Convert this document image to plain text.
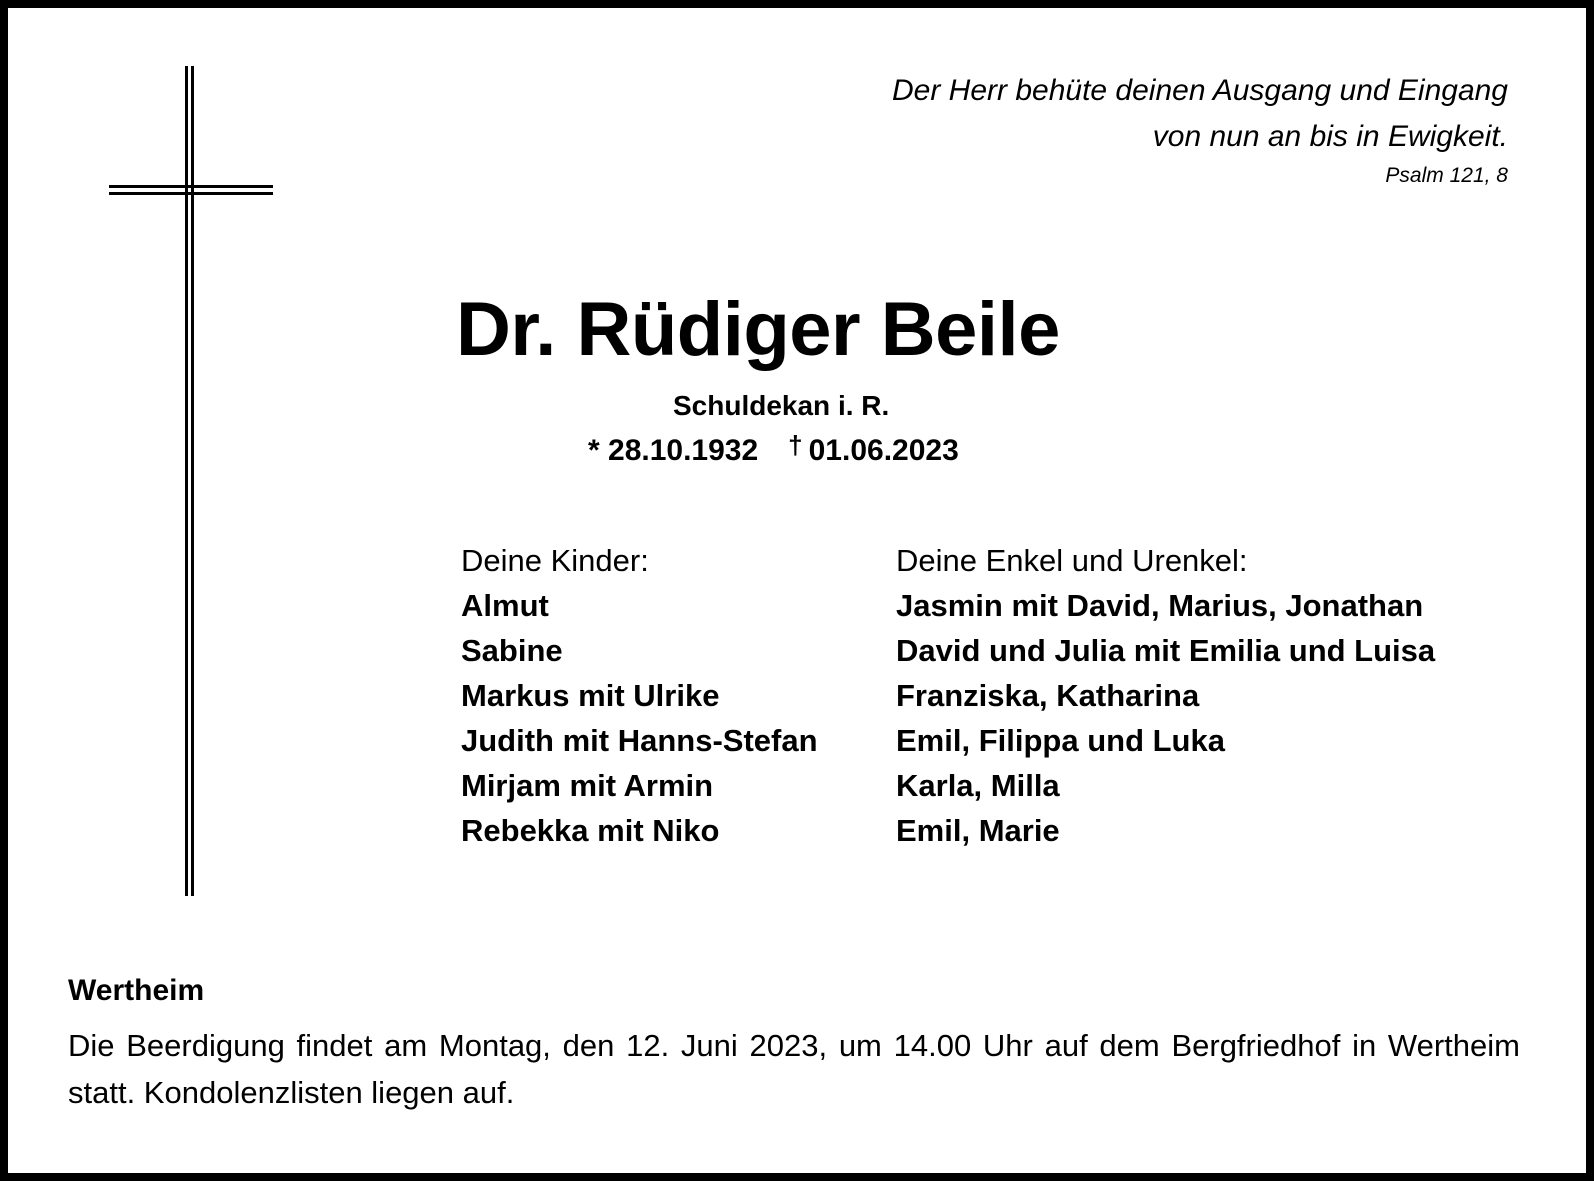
Der Herr behüte deinen Ausgang und Eingang
von nun an bis in Ewigkeit.
Psalm 121, 8
Dr. Rüdiger Beile
Schuldekan i. R.
* 28.10.1932 † 01.06.2023
Deine Kinder:
Almut
Sabine
Markus mit Ulrike
Judith mit Hanns-Stefan
Mirjam mit Armin
Rebekka mit Niko
Deine Enkel und Urenkel:
Jasmin mit David, Marius, Jonathan
David und Julia mit Emilia und Luisa
Franziska, Katharina
Emil, Filippa und Luka
Karla, Milla
Emil, Marie
Wertheim
Die Beerdigung findet am Montag, den 12. Juni 2023, um 14.00 Uhr auf dem Bergfriedhof in Wertheim statt. Kondolenzlisten liegen auf.
